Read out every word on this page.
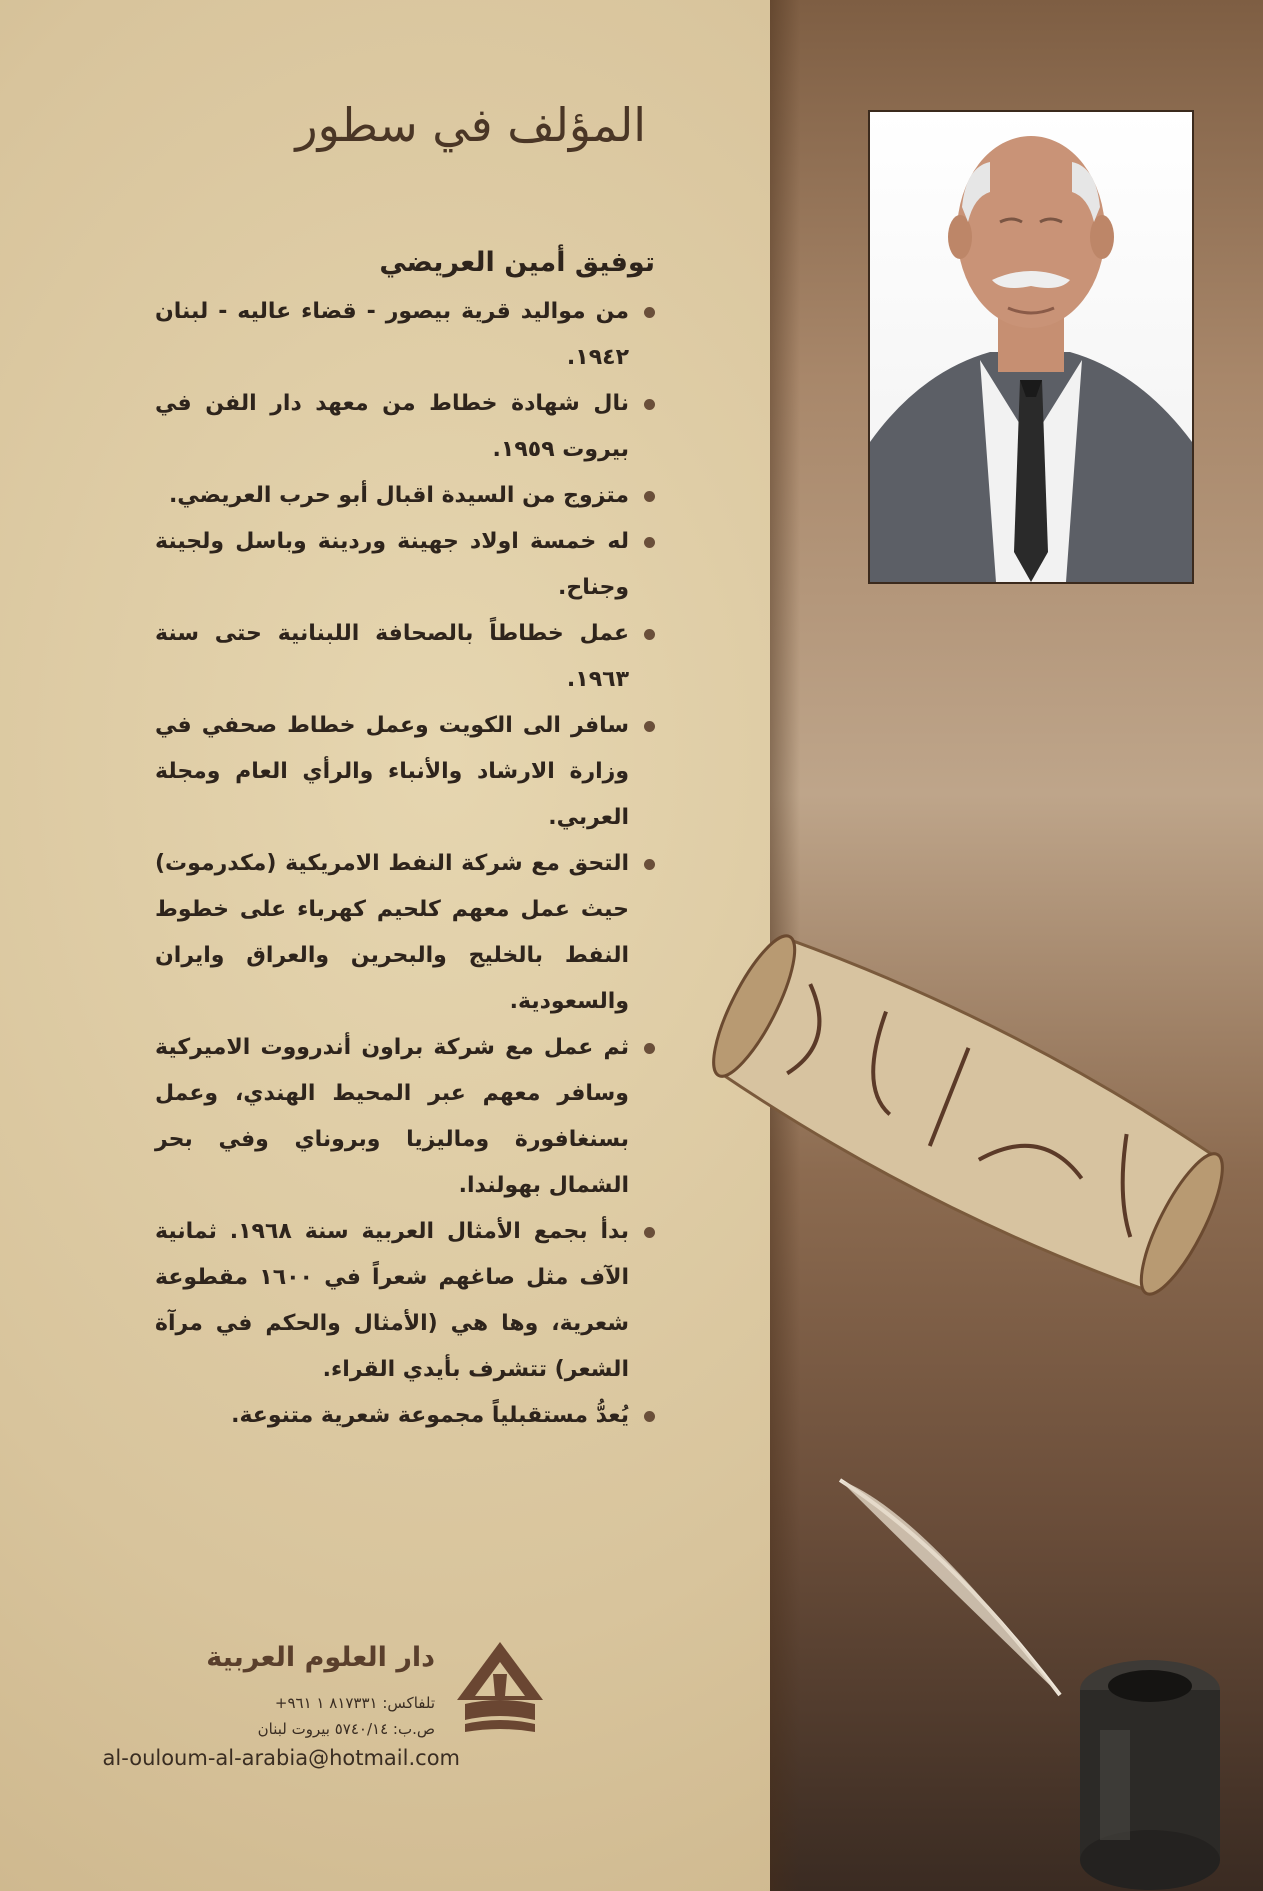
المؤلف في سطور
توفيق أمين العريضي
من مواليد قرية بيصور - قضاء عاليه - لبنان ١٩٤٢.
نال شهادة خطاط من معهد دار الفن في بيروت ١٩٥٩.
متزوج من السيدة اقبال أبو حرب العريضي.
له خمسة اولاد جهينة وردينة وباسل ولجينة وجناح.
عمل خطاطاً بالصحافة اللبنانية حتى سنة ١٩٦٣.
سافر الى الكويت وعمل خطاط صحفي في وزارة الارشاد والأنباء والرأي العام ومجلة العربي.
التحق مع شركة النفط الامريكية (مكدرموت) حيث عمل معهم كلحيم كهرباء على خطوط النفط بالخليج والبحرين والعراق وايران والسعودية.
ثم عمل مع شركة براون أندرووت الاميركية وسافر معهم عبر المحيط الهندي، وعمل بسنغافورة وماليزيا وبروناي وفي بحر الشمال بهولندا.
بدأ بجمع الأمثال العربية سنة ١٩٦٨. ثمانية الآف مثل صاغهم شعراً في ١٦٠٠ مقطوعة شعرية، وها هي (الأمثال والحكم في مرآة الشعر) تتشرف بأيدي القراء.
يُعدُّ مستقبلياً مجموعة شعرية متنوعة.

دار العلوم العربية

تلفاكس: ٨١٧٣٣١ ١ ٩٦١+

ص.ب: ٥٧٤٠/١٤ بيروت لبنان

al-ouloum-al-arabia@hotmail.com
